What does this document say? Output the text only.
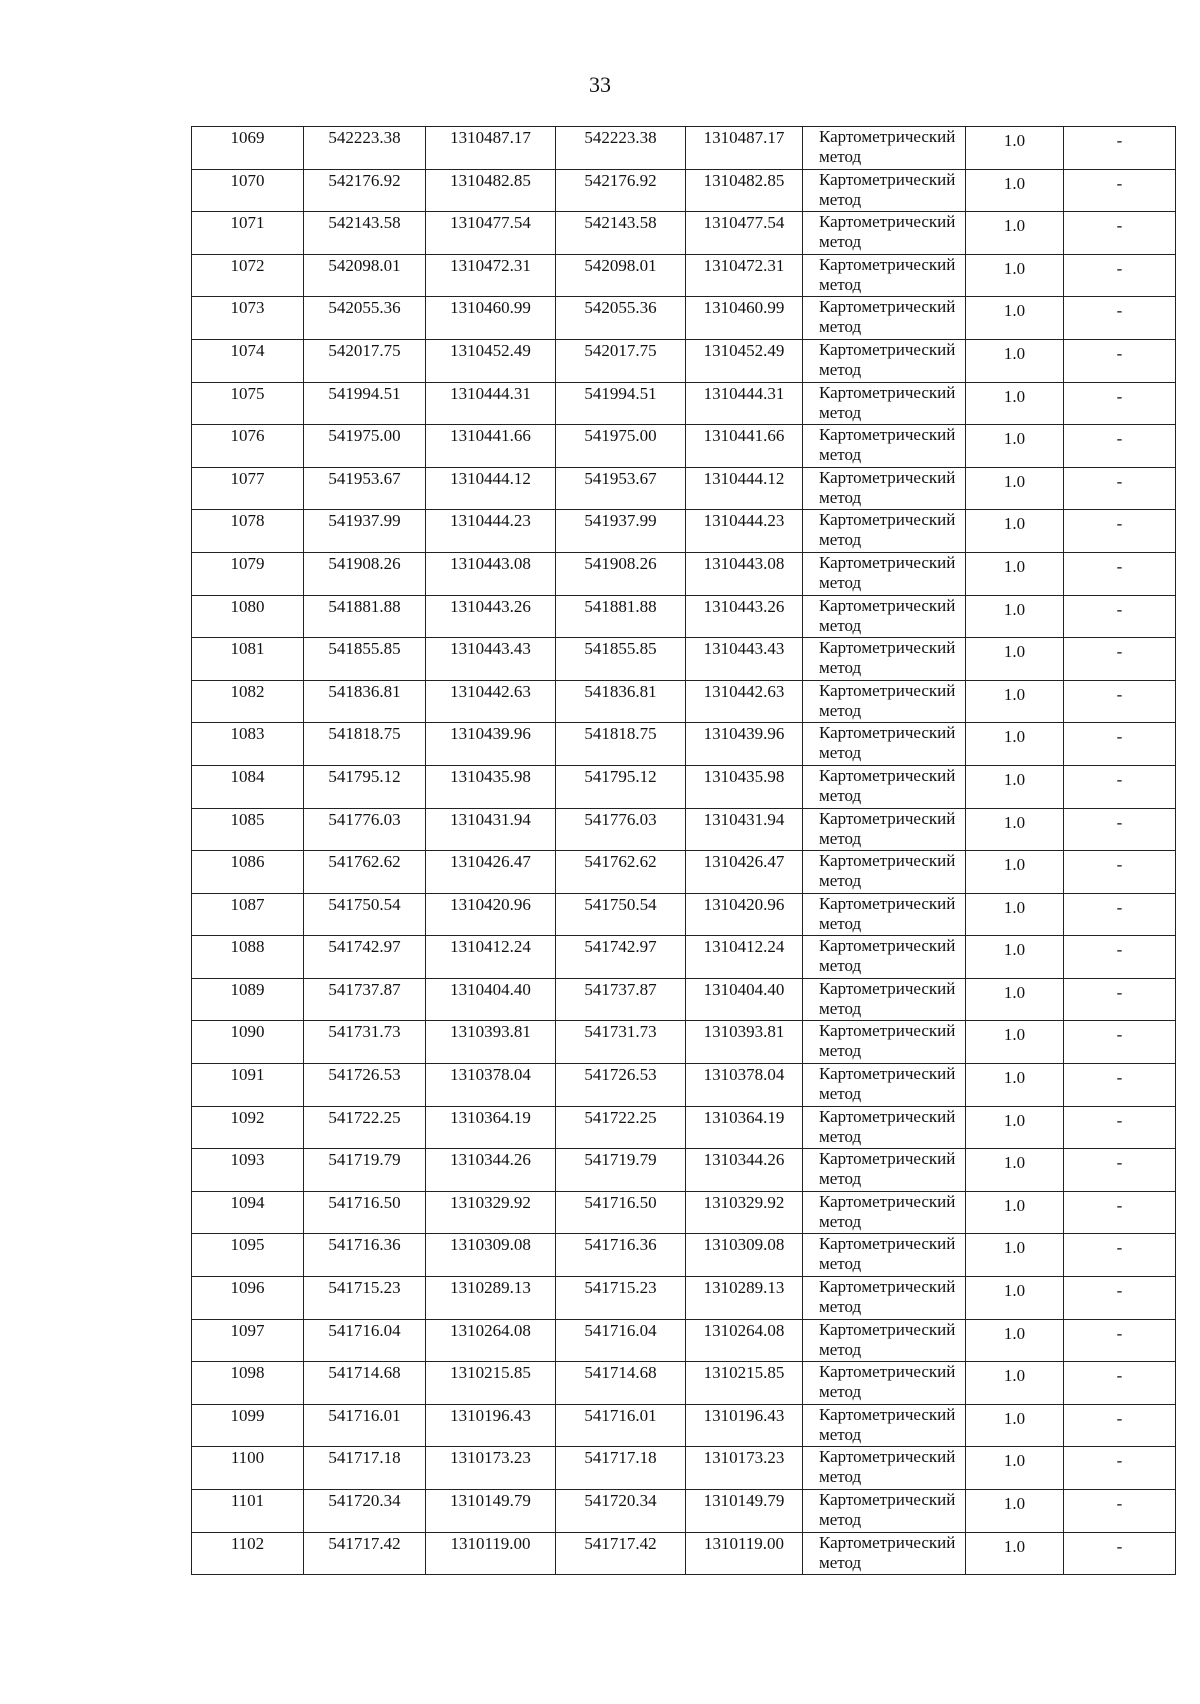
33
1069	542223.38	1310487.17	542223.38	1310487.17	Картометрический метод	1.0	-

1070	542176.92	1310482.85	542176.92	1310482.85	Картометрический метод	1.0	-

1071	542143.58	1310477.54	542143.58	1310477.54	Картометрический метод	1.0	-

1072	542098.01	1310472.31	542098.01	1310472.31	Картометрический метод	1.0	-

1073	542055.36	1310460.99	542055.36	1310460.99	Картометрический метод	1.0	-

1074	542017.75	1310452.49	542017.75	1310452.49	Картометрический метод	1.0	-

1075	541994.51	1310444.31	541994.51	1310444.31	Картометрический метод	1.0	-

1076	541975.00	1310441.66	541975.00	1310441.66	Картометрический метод	1.0	-

1077	541953.67	1310444.12	541953.67	1310444.12	Картометрический метод	1.0	-

1078	541937.99	1310444.23	541937.99	1310444.23	Картометрический метод	1.0	-

1079	541908.26	1310443.08	541908.26	1310443.08	Картометрический метод	1.0	-

1080	541881.88	1310443.26	541881.88	1310443.26	Картометрический метод	1.0	-

1081	541855.85	1310443.43	541855.85	1310443.43	Картометрический метод	1.0	-

1082	541836.81	1310442.63	541836.81	1310442.63	Картометрический метод	1.0	-

1083	541818.75	1310439.96	541818.75	1310439.96	Картометрический метод	1.0	-

1084	541795.12	1310435.98	541795.12	1310435.98	Картометрический метод	1.0	-

1085	541776.03	1310431.94	541776.03	1310431.94	Картометрический метод	1.0	-

1086	541762.62	1310426.47	541762.62	1310426.47	Картометрический метод	1.0	-

1087	541750.54	1310420.96	541750.54	1310420.96	Картометрический метод	1.0	-

1088	541742.97	1310412.24	541742.97	1310412.24	Картометрический метод	1.0	-

1089	541737.87	1310404.40	541737.87	1310404.40	Картометрический метод	1.0	-

1090	541731.73	1310393.81	541731.73	1310393.81	Картометрический метод	1.0	-

1091	541726.53	1310378.04	541726.53	1310378.04	Картометрический метод	1.0	-

1092	541722.25	1310364.19	541722.25	1310364.19	Картометрический метод	1.0	-

1093	541719.79	1310344.26	541719.79	1310344.26	Картометрический метод	1.0	-

1094	541716.50	1310329.92	541716.50	1310329.92	Картометрический метод	1.0	-

1095	541716.36	1310309.08	541716.36	1310309.08	Картометрический метод	1.0	-

1096	541715.23	1310289.13	541715.23	1310289.13	Картометрический метод	1.0	-

1097	541716.04	1310264.08	541716.04	1310264.08	Картометрический метод	1.0	-

1098	541714.68	1310215.85	541714.68	1310215.85	Картометрический метод	1.0	-

1099	541716.01	1310196.43	541716.01	1310196.43	Картометрический метод	1.0	-

1100	541717.18	1310173.23	541717.18	1310173.23	Картометрический метод	1.0	-

1101	541720.34	1310149.79	541720.34	1310149.79	Картометрический метод	1.0	-

1102	541717.42	1310119.00	541717.42	1310119.00	Картометрический метод	1.0	-
